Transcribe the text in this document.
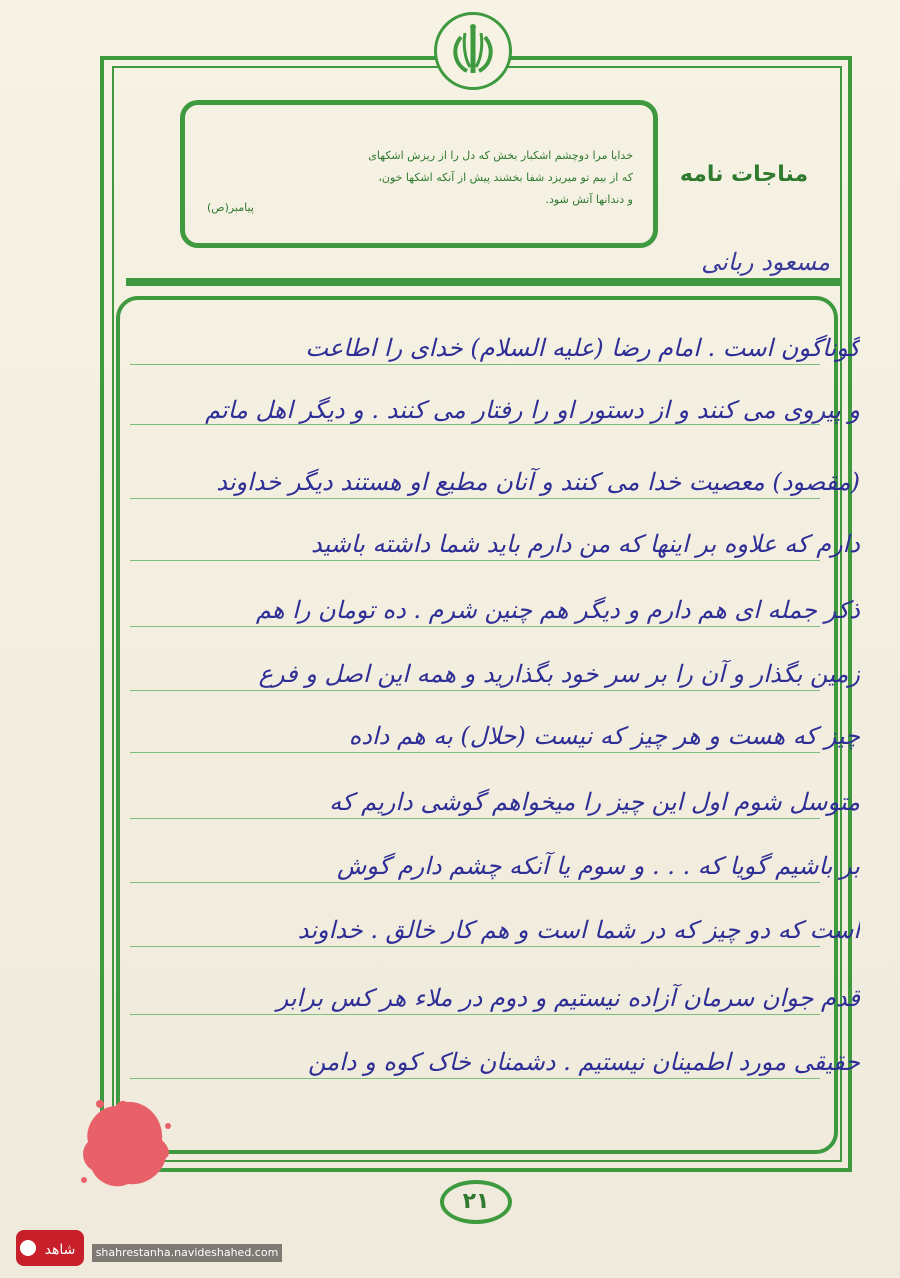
خدایا مرا دوچشم اشکبار بخش که دل را از ریزش اشکهای
که از بیم تو میریزد شفا بخشند پیش از آنکه اشکها خون،
و دندانها آتش شود.
پیامبر(ص)
مناجات نامه
مسعود ربانی
گوناگون است . امام رضا (علیه السلام) خدای را اطاعت
و پیروی می کنند و از دستور او را رفتار می کنند . و دیگر اهل ماتم
(مقصود) معصیت خدا می کنند و آنان مطیع او هستند دیگر خداوند
دارم که علاوه بر اینها که من دارم باید شما داشته باشید
ذکر جمله ای هم دارم و دیگر هم چنین شرم . ده تومان را هم
زمین بگذار و آن را بر سر خود بگذارید و همه این اصل و فرع
چیز که هست و هر چیز که نیست (حلال) به هم داده
متوسل شوم اول این چیز را میخواهم گوشی داریم که
بر باشیم گویا که . . . و سوم یا آنکه چشم دارم گوش
است که دو چیز که در شما است و هم کار خالق . خداوند
قدم جوان سرمان آزاده نیستیم و دوم در ملاء هر کس برابر
حقیقی مورد اطمینان نیستیم . دشمنان خاک کوه و دامن
۲۱
شاهد	shahrestanha.navideshahed.com
